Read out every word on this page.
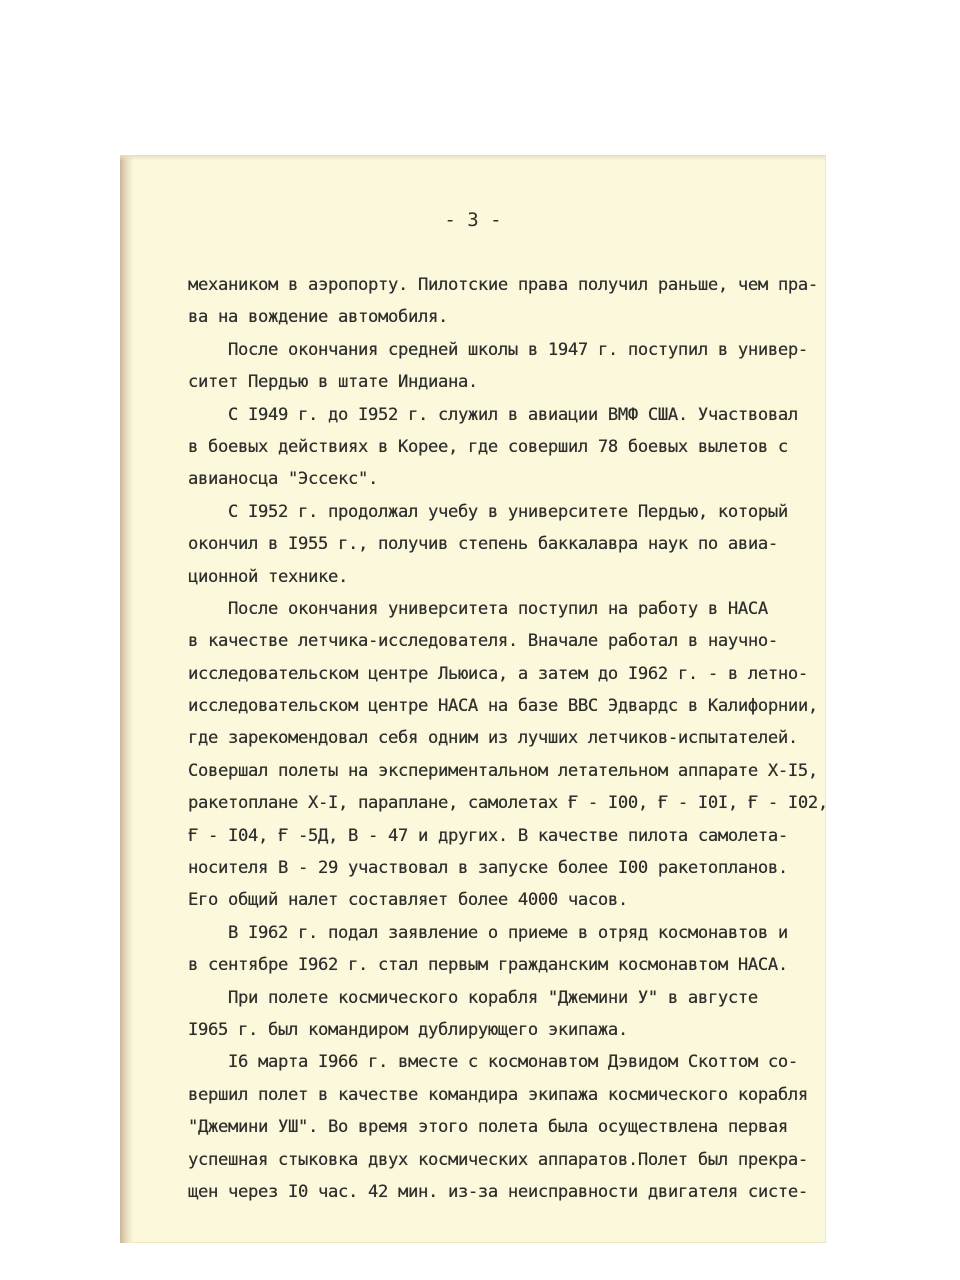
- 3 -
механиком в аэропорту. Пилотские права получил раньше, чем пра-
ва на вождение автомобиля.
После окончания средней школы в 1947 г. поступил в универ-
ситет Пердью в штате Индиана.
С I949 г. до I952 г. служил в авиации ВМФ США. Участвовал
в боевых действиях в Корее, где совершил 78 боевых вылетов с
авианосца "Эссекс".
С I952 г. продолжал учебу в университете Пердью, который
окончил в I955 г., получив степень баккалавра наук по авиа-
ционной технике.
После окончания университета поступил на работу в НАСА
в качестве летчика-исследователя. Вначале работал в научно-
исследовательском центре Льюиса, а затем до I962 г. - в летно-
исследовательском центре НАСА на базе ВВС Эдвардс в Калифорнии,
где зарекомендовал себя одним из лучших летчиков-испытателей.
Совершал полеты на экспериментальном летательном аппарате Х-I5,
ракетоплане Х-I, параплане, самолетах Ғ - I00, Ғ - I0I, Ғ - I02,
Ғ - I04, Ғ -5Д, В - 47 и других. В качестве пилота самолета-
носителя В - 29 участвовал в запуске более I00 ракетопланов.
Его общий налет составляет более 4000 часов.
В I962 г. подал заявление о приеме в отряд космонавтов и
в сентябре I962 г. стал первым гражданским космонавтом НАСА.
При полете космического корабля "Джемини У" в августе
I965 г. был командиром дублирующего экипажа.
I6 марта I966 г. вместе с космонавтом Дэвидом Скоттом со-
вершил полет в качестве командира экипажа космического корабля
"Джемини УШ". Во время этого полета была осуществлена первая
успешная стыковка двух космических аппаратов.Полет был прекра-
щен через I0 час. 42 мин. из-за неисправности двигателя систе-
